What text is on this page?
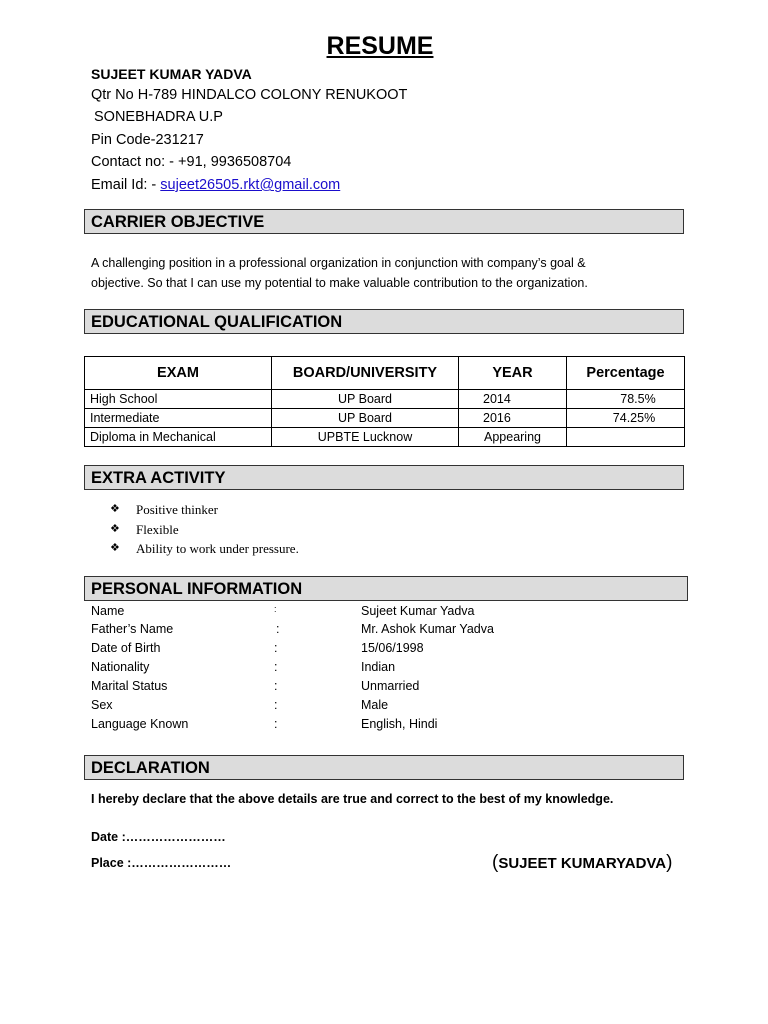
RESUME
SUJEET KUMAR YADVA
Qtr No H-789 HINDALCO COLONY RENUKOOT
SONEBHADRA U.P
Pin Code-231217
Contact no: - +91, 9936508704
Email Id: - sujeet26505.rkt@gmail.com
CARRIER OBJECTIVE
A challenging position in a professional organization in conjunction with company’s goal &
objective. So that I can use my potential to make valuable contribution to the organization.
EDUCATIONAL QUALIFICATION
EXAM	BOARD/UNIVERSITY	YEAR	Percentage
High School	UP Board	2014	78.5%
Intermediate	UP Board	2016	74.25%
Diploma in Mechanical	UPBTE Lucknow	Appearing	
EXTRA ACTIVITY
❖	Positive thinker
❖	Flexible
❖	Ability to work under pressure.
PERSONAL INFORMATION
Name	:	Sujeet Kumar Yadva
Father’s Name	:	Mr. Ashok Kumar Yadva
Date of Birth	:	15/06/1998
Nationality	:	Indian
Marital Status	:	Unmarried
Sex	:	Male
Language Known	:	English, Hindi
DECLARATION
I hereby declare that the above details are true and correct to the best of my knowledge.
Date :……………………
Place :……………………	(SUJEET KUMARYADVA)
